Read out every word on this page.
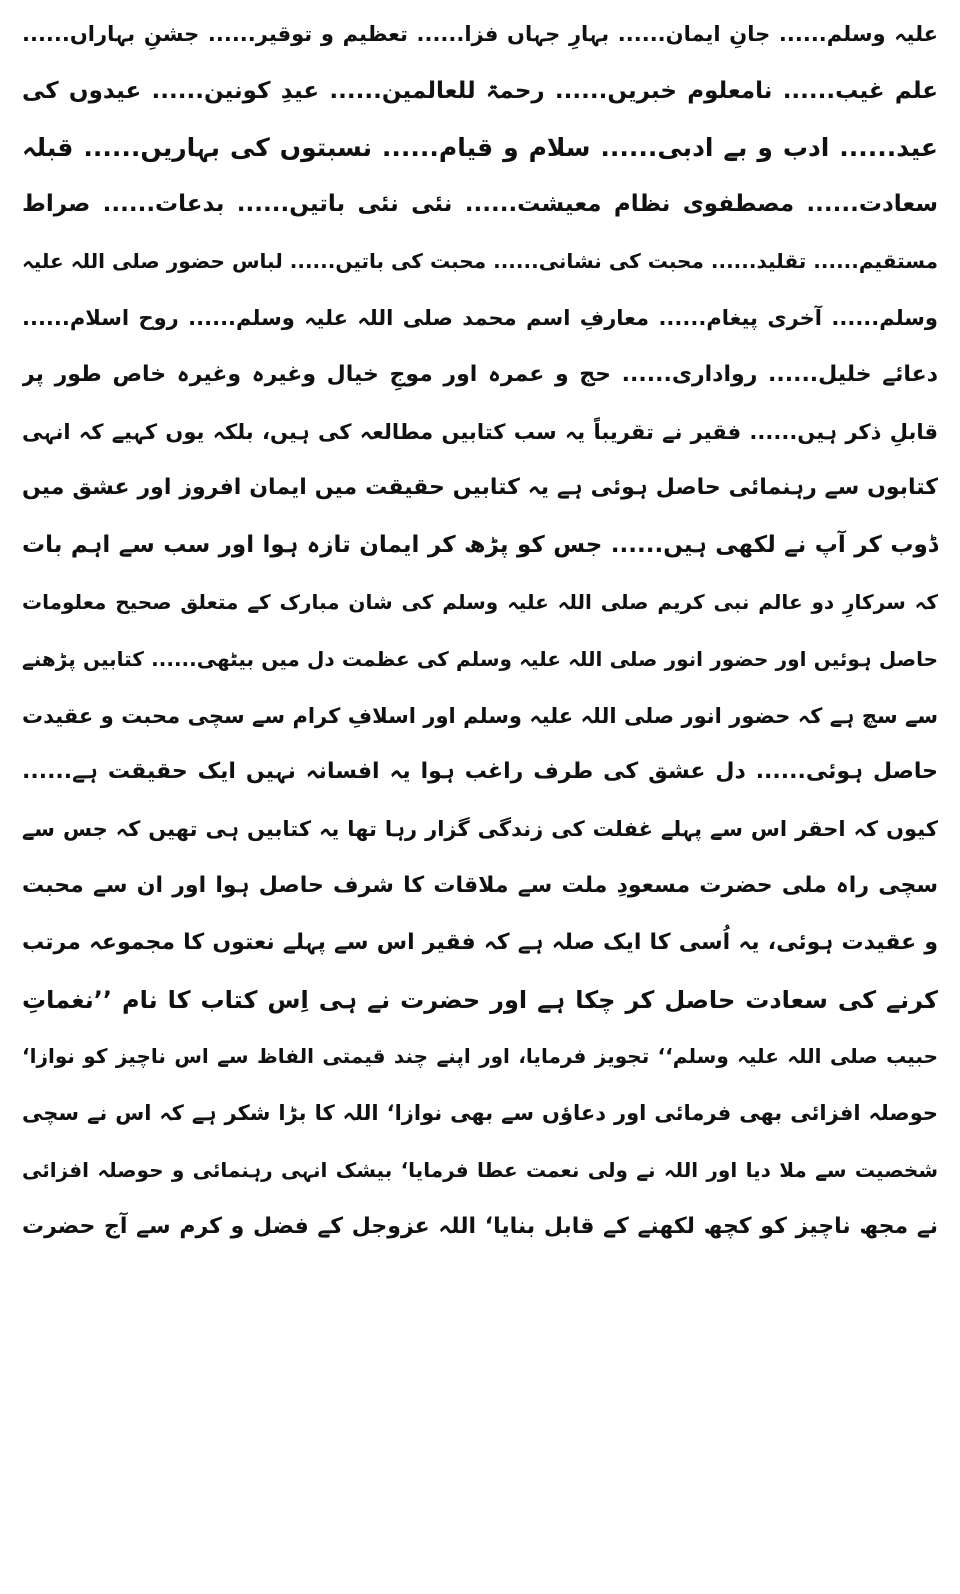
علیہ وسلم...... جانِ ایمان...... بہارِ جہاں فزا...... تعظیم و توقیر...... جشنِ بہاراں......
علم غیب...... نامعلوم خبریں...... رحمۃ للعالمین...... عیدِ کونین...... عیدوں کی
عید...... ادب و بے ادبی...... سلام و قیام...... نسبتوں کی بہاریں...... قبلہ
سعادت...... مصطفوی نظام معیشت...... نئی نئی باتیں...... بدعات...... صراط
مستقیم...... تقلید...... محبت کی نشانی...... محبت کی باتیں...... لباس حضور صلی اللہ علیہ
وسلم...... آخری پیغام...... معارفِ اسم محمد صلی اللہ علیہ وسلم...... روح اسلام......
دعائے خلیل...... رواداری...... حج و عمرہ اور موجِ خیال وغیرہ وغیرہ خاص طور پر
قابلِ ذکر ہیں...... فقیر نے تقریباً یہ سب کتابیں مطالعہ کی ہیں، بلکہ یوں کہیے کہ انہی
کتابوں سے رہنمائی حاصل ہوئی ہے یہ کتابیں حقیقت میں ایمان افروز اور عشق میں
ڈوب کر آپ نے لکھی ہیں...... جس کو پڑھ کر ایمان تازہ ہوا اور سب سے اہم بات
کہ سرکارِ دو عالم نبی کریم صلی اللہ علیہ وسلم کی شان مبارک کے متعلق صحیح معلومات
حاصل ہوئیں اور حضور انور صلی اللہ علیہ وسلم کی عظمت دل میں بیٹھی...... کتابیں پڑھنے
سے سچ ہے کہ حضور انور صلی اللہ علیہ وسلم اور اسلافِ کرام سے سچی محبت و عقیدت
حاصل ہوئی...... دل عشق کی طرف راغب ہوا یہ افسانہ نہیں ایک حقیقت ہے......
کیوں کہ احقر اس سے پہلے غفلت کی زندگی گزار رہا تھا یہ کتابیں ہی تھیں کہ جس سے
سچی راہ ملی حضرت مسعودِ ملت سے ملاقات کا شرف حاصل ہوا اور ان سے محبت
و عقیدت ہوئی، یہ اُسی کا ایک صلہ ہے کہ فقیر اس سے پہلے نعتوں کا مجموعہ مرتب
کرنے کی سعادت حاصل کر چکا ہے اور حضرت نے ہی اِس کتاب کا نام ’’نغماتِ
حبیب صلی اللہ علیہ وسلم‘‘ تجویز فرمایا، اور اپنے چند قیمتی الفاظ سے اس ناچیز کو نوازا‘
حوصلہ افزائی بھی فرمائی اور دعاؤں سے بھی نوازا‘ اللہ کا بڑا شکر ہے کہ اس نے سچی
شخصیت سے ملا دیا اور اللہ نے ولی نعمت عطا فرمایا‘ بیشک انہی رہنمائی و حوصلہ افزائی
نے مجھ ناچیز کو کچھ لکھنے کے قابل بنایا‘ اللہ عزوجل کے فضل و کرم سے آج حضرت
